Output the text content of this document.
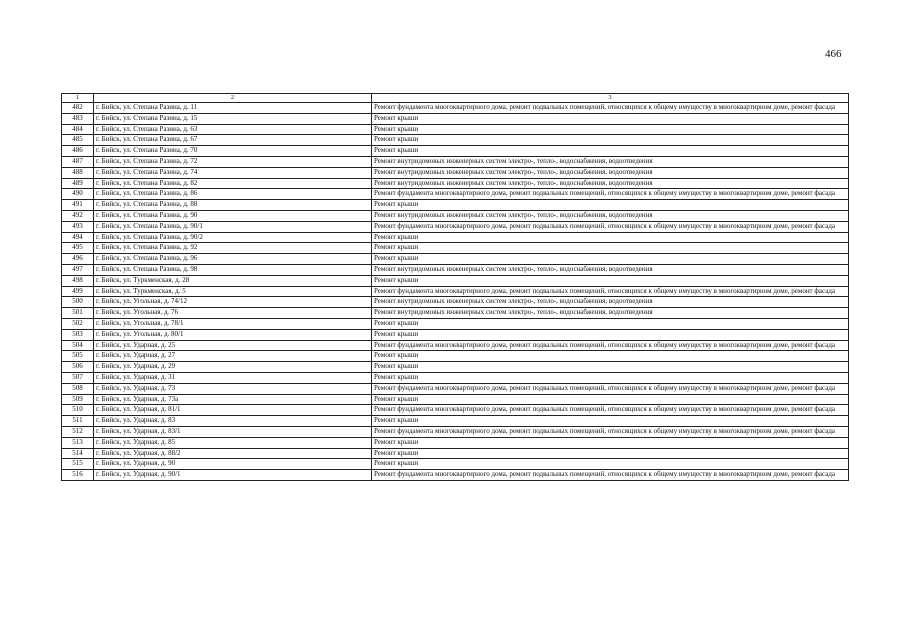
466
1	2	3
482	г. Бийск, ул. Степана Разина, д. 11	Ремонт фундамента многоквартирного дома, ремонт подвальных помещений, относящихся к общему имуществу в многоквартирном доме, ремонт фасада
483	г. Бийск, ул. Степана Разина, д. 15	Ремонт крыши
484	г. Бийск, ул. Степана Разина, д. 63	Ремонт крыши
485	г. Бийск, ул. Степана Разина, д. 67	Ремонт крыши
486	г. Бийск, ул. Степана Разина, д. 70	Ремонт крыши
487	г. Бийск, ул. Степана Разина, д. 72	Ремонт внутридомовых инженерных систем электро-, тепло-, водоснабжения, водоотведения
488	г. Бийск, ул. Степана Разина, д. 74	Ремонт внутридомовых инженерных систем электро-, тепло-, водоснабжения, водоотведения
489	г. Бийск, ул. Степана Разина, д. 82	Ремонт внутридомовых инженерных систем электро-, тепло-, водоснабжения, водоотведения
490	г. Бийск, ул. Степана Разина, д. 86	Ремонт фундамента многоквартирного дома, ремонт подвальных помещений, относящихся к общему имуществу в многоквартирном доме, ремонт фасада
491	г. Бийск, ул. Степана Разина, д. 88	Ремонт крыши
492	г. Бийск, ул. Степана Разина, д. 90	Ремонт внутридомовых инженерных систем электро-, тепло-, водоснабжения, водоотведения
493	г. Бийск, ул. Степана Разина, д. 90/1	Ремонт фундамента многоквартирного дома, ремонт подвальных помещений, относящихся к общему имуществу в многоквартирном доме, ремонт фасада
494	г. Бийск, ул. Степана Разина, д. 90/2	Ремонт крыши
495	г. Бийск, ул. Степана Разина, д. 92	Ремонт крыши
496	г. Бийск, ул. Степана Разина, д. 96	Ремонт крыши
497	г. Бийск, ул. Степана Разина, д. 98	Ремонт внутридомовых инженерных систем электро-, тепло-, водоснабжения, водоотведения
498	г. Бийск, ул. Туркменская, д. 28	Ремонт крыши
499	г. Бийск, ул. Туркменская, д. 5	Ремонт фундамента многоквартирного дома, ремонт подвальных помещений, относящихся к общему имуществу в многоквартирном доме, ремонт фасада
500	г. Бийск, ул. Угольная, д. 74/12	Ремонт внутридомовых инженерных систем электро-, тепло-, водоснабжения, водоотведения
501	г. Бийск, ул. Угольная, д. 76	Ремонт внутридомовых инженерных систем электро-, тепло-, водоснабжения, водоотведения
502	г. Бийск, ул. Угольная, д. 78/1	Ремонт крыши
503	г. Бийск, ул. Угольная, д. 80/1	Ремонт крыши
504	г. Бийск, ул. Ударная, д. 25	Ремонт фундамента многоквартирного дома, ремонт подвальных помещений, относящихся к общему имуществу в многоквартирном доме, ремонт фасада
505	г. Бийск, ул. Ударная, д. 27	Ремонт крыши
506	г. Бийск, ул. Ударная, д. 29	Ремонт крыши
507	г. Бийск, ул. Ударная, д. 31	Ремонт крыши
508	г. Бийск, ул. Ударная, д. 73	Ремонт фундамента многоквартирного дома, ремонт подвальных помещений, относящихся к общему имуществу в многоквартирном доме, ремонт фасада
509	г. Бийск, ул. Ударная, д. 73а	Ремонт крыши
510	г. Бийск, ул. Ударная, д. 81/1	Ремонт фундамента многоквартирного дома, ремонт подвальных помещений, относящихся к общему имуществу в многоквартирном доме, ремонт фасада
511	г. Бийск, ул. Ударная, д. 83	Ремонт крыши
512	г. Бийск, ул. Ударная, д. 83/1	Ремонт фундамента многоквартирного дома, ремонт подвальных помещений, относящихся к общему имуществу в многоквартирном доме, ремонт фасада
513	г. Бийск, ул. Ударная, д. 85	Ремонт крыши
514	г. Бийск, ул. Ударная, д. 88/2	Ремонт крыши
515	г. Бийск, ул. Ударная, д. 90	Ремонт крыши
516	г. Бийск, ул. Ударная, д. 90/1	Ремонт фундамента многоквартирного дома, ремонт подвальных помещений, относящихся к общему имуществу в многоквартирном доме, ремонт фасада
